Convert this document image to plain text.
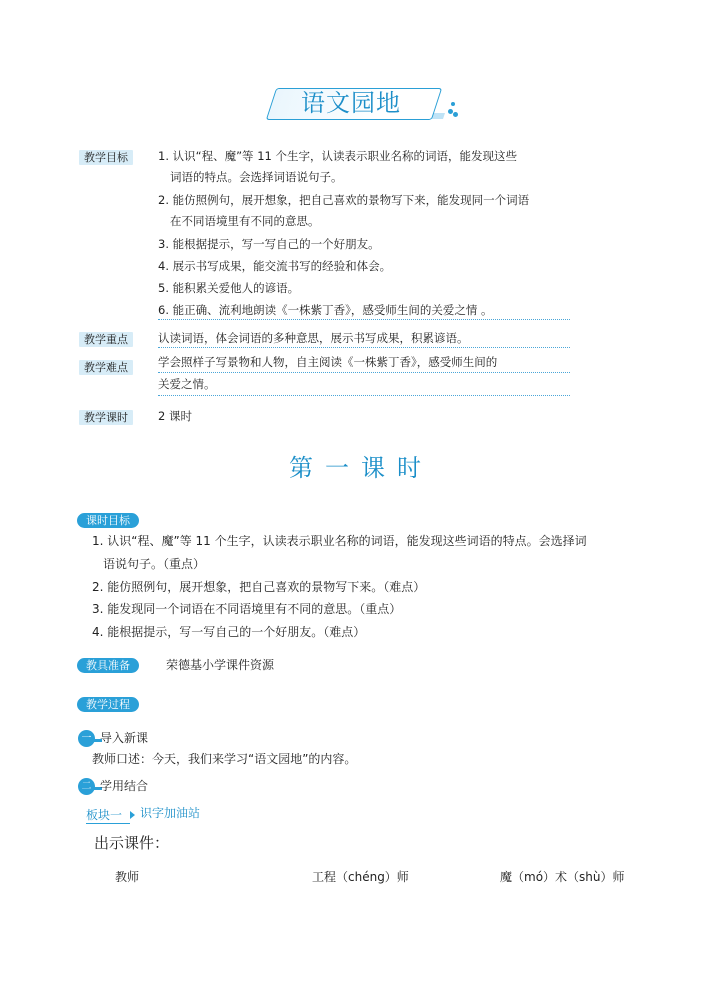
语文园地
教学目标	1. 认识“程、魔”等 11 个生字，认读表示职业名称的词语，能发现这些
词语的特点。会选择词语说句子。
2. 能仿照例句，展开想象，把自己喜欢的景物写下来，能发现同一个词语
在不同语境里有不同的意思。
3. 能根据提示，写一写自己的一个好朋友。
4. 展示书写成果，能交流书写的经验和体会。
5. 能积累关爱他人的谚语。
6. 能正确、流利地朗读《一株紫丁香》，感受师生间的关爱之情 。
教学重点	认读词语，体会词语的多种意思，展示书写成果，积累谚语。
教学难点	学会照样子写景物和人物，自主阅读《一株紫丁香》，感受师生间的
关爱之情。
教学课时	2 课时
第一课时
课时目标
1. 认识“程、魔”等 11 个生字，认读表示职业名称的词语，能发现这些词语的特点。会选择词
语说句子。（重点）
2. 能仿照例句，展开想象，把自己喜欢的景物写下来。（难点）
3. 能发现同一个词语在不同语境里有不同的意思。（重点）
4. 能根据提示，写一写自己的一个好朋友。（难点）
教具准备	荣德基小学课件资源
教学过程
一 导入新课
教师口述：今天，我们来学习“语文园地”的内容。
二 学用结合
板块一 识字加油站
出示课件：
教师	工程（chéng）师	魔（mó）术（shù）师
